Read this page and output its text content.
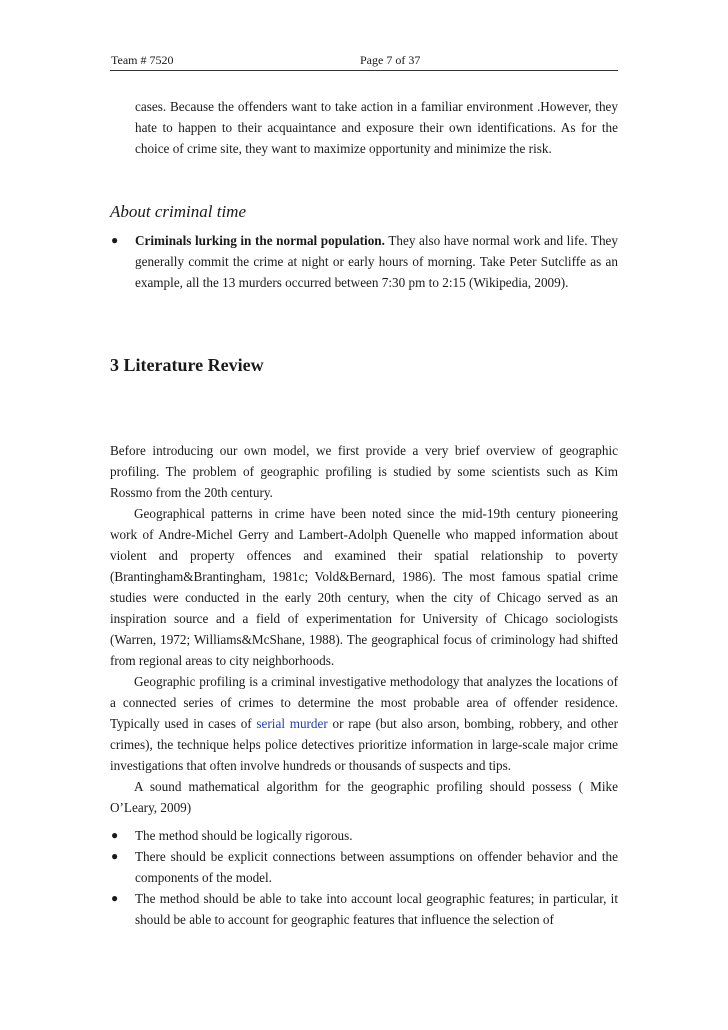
Team # 7520	Page 7 of 37

cases. Because the offenders want to take action in a familiar environment .However, they hate to happen to their acquaintance and exposure their own identifications. As for the choice of crime site, they want to maximize opportunity and minimize the risk.

About criminal time
● Criminals lurking in the normal population. They also have normal work and life. They generally commit the crime at night or early hours of morning. Take Peter Sutcliffe as an example, all the 13 murders occurred between 7:30 pm to 2:15 (Wikipedia, 2009).

3 Literature Review

Before introducing our own model, we first provide a very brief overview of geographic profiling. The problem of geographic profiling is studied by some scientists such as Kim Rossmo from the 20th century.

Geographical patterns in crime have been noted since the mid-19th century pioneering work of Andre-Michel Gerry and Lambert-Adolph Quenelle who mapped information about violent and property offences and examined their spatial relationship to poverty (Brantingham&Brantingham, 1981c; Vold&Bernard, 1986). The most famous spatial crime studies were conducted in the early 20th century, when the city of Chicago served as an inspiration source and a field of experimentation for University of Chicago sociologists (Warren, 1972; Williams&McShane, 1988). The geographical focus of criminology had shifted from regional areas to city neighborhoods.

Geographic profiling is a criminal investigative methodology that analyzes the locations of a connected series of crimes to determine the most probable area of offender residence. Typically used in cases of serial murder or rape (but also arson, bombing, robbery, and other crimes), the technique helps police detectives prioritize information in large-scale major crime investigations that often involve hundreds or thousands of suspects and tips.

A sound mathematical algorithm for the geographic profiling should possess ( Mike O’Leary, 2009)

● The method should be logically rigorous.

● There should be explicit connections between assumptions on offender behavior and the components of the model.

● The method should be able to take into account local geographic features; in particular, it should be able to account for geographic features that influence the selection of
